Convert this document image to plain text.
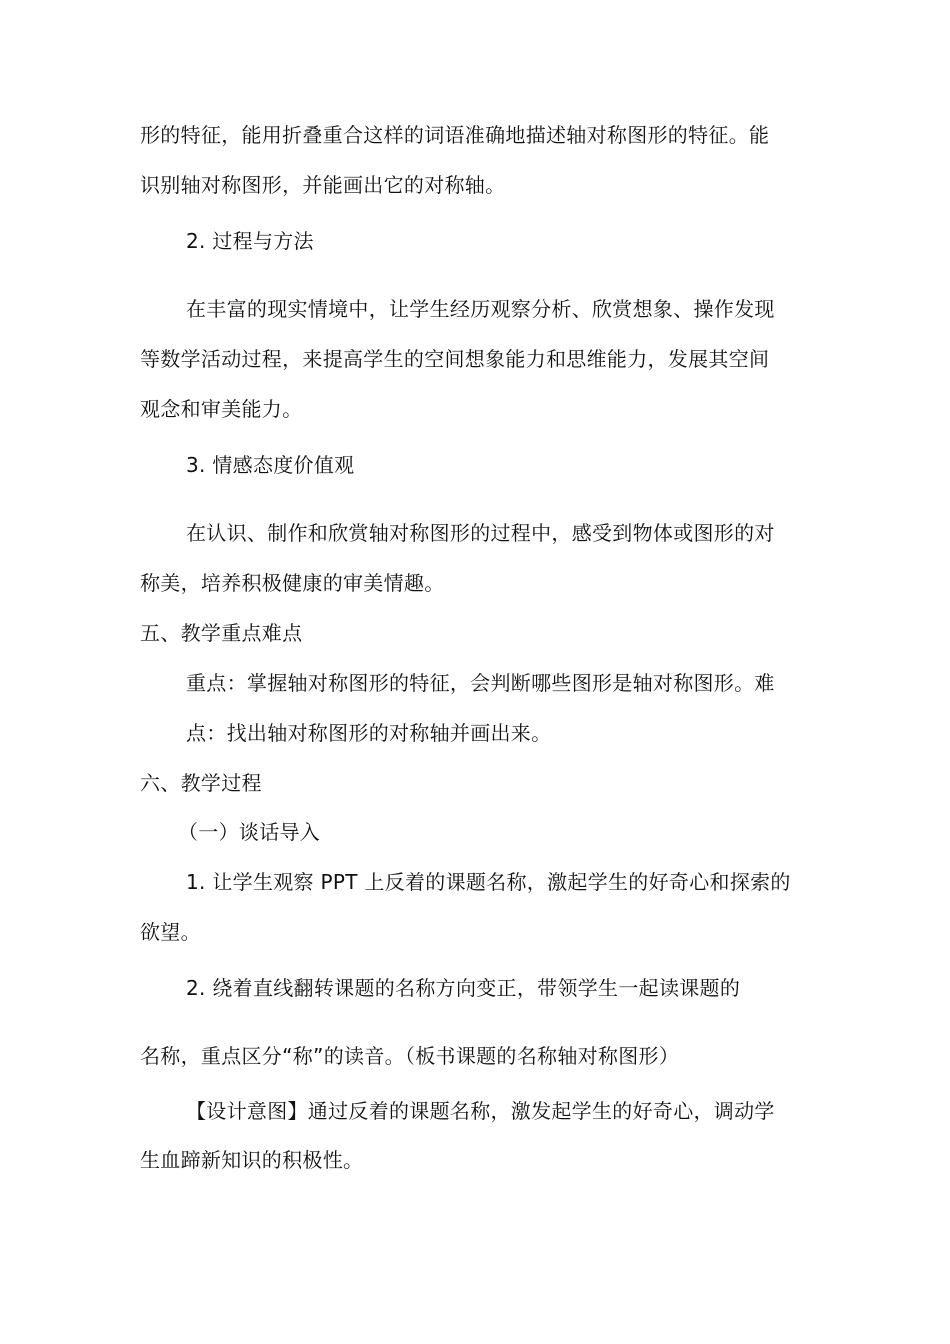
形的特征，能用折叠重合这样的词语准确地描述轴对称图形的特征。能
识别轴对称图形，并能画出它的对称轴。
2. 过程与方法
在丰富的现实情境中，让学生经历观察分析、欣赏想象、操作发现
等数学活动过程，来提高学生的空间想象能力和思维能力，发展其空间
观念和审美能力。
3. 情感态度价值观
在认识、制作和欣赏轴对称图形的过程中，感受到物体或图形的对
称美，培养积极健康的审美情趣。
五、教学重点难点
重点：掌握轴对称图形的特征，会判断哪些图形是轴对称图形。难
点：找出轴对称图形的对称轴并画出来。
六、教学过程
（一）谈话导入
1. 让学生观察 PPT 上反着的课题名称，激起学生的好奇心和探索的
欲望。
2. 绕着直线翻转课题的名称方向变正，带领学生一起读课题的
名称，重点区分“称”的读音。（板书课题的名称轴对称图形）
【设计意图】通过反着的课题名称，激发起学生的好奇心，调动学
生血蹄新知识的积极性。
